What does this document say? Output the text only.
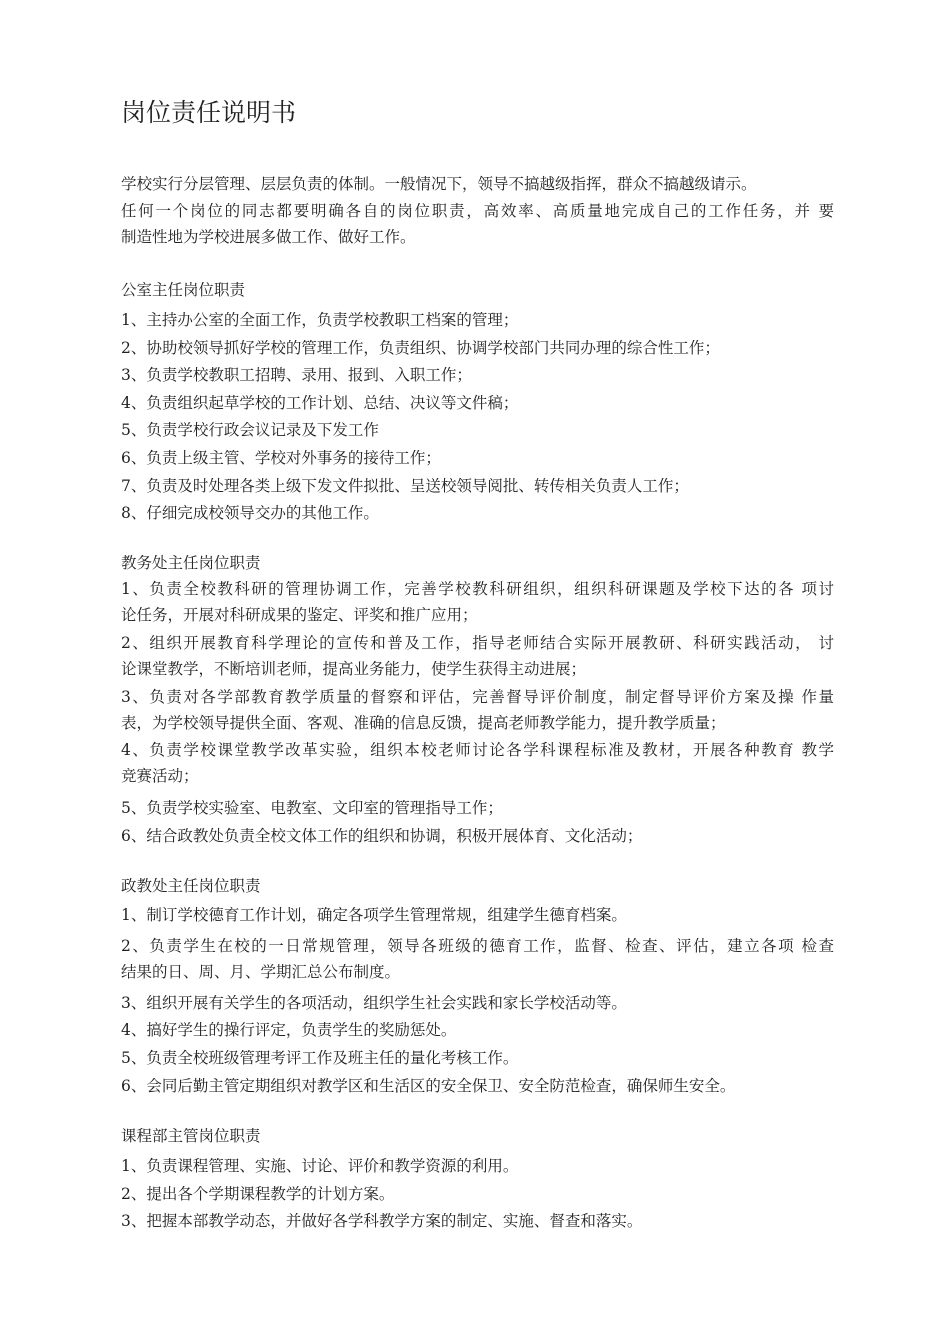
岗位责任说明书
学校实行分层管理、层层负责的体制。一般情况下，领导不搞越级指挥，群众不搞越级请示。
任何一个岗位的同志都要明确各自的岗位职责，高效率、高质量地完成自己的工作任务，并 要
制造性地为学校进展多做工作、做好工作。
公室主任岗位职责
1、主持办公室的全面工作，负责学校教职工档案的管理；
2、协助校领导抓好学校的管理工作，负责组织、协调学校部门共同办理的综合性工作；
3、负责学校教职工招聘、录用、报到、入职工作；
4、负责组织起草学校的工作计划、总结、决议等文件稿；
5、负责学校行政会议记录及下发工作
6、负责上级主管、学校对外事务的接待工作；
7、负责及时处理各类上级下发文件拟批、呈送校领导阅批、转传相关负责人工作；
8、仔细完成校领导交办的其他工作。
教务处主任岗位职责
1、负责全校教科研的管理协调工作，完善学校教科研组织，组织科研课题及学校下达的各 项讨
论任务，开展对科研成果的鉴定、评奖和推广应用；
2、组织开展教育科学理论的宣传和普及工作，指导老师结合实际开展教研、科研实践活动， 讨
论课堂教学，不断培训老师，提高业务能力，使学生获得主动进展；
3、负责对各学部教育教学质量的督察和评估，完善督导评价制度，制定督导评价方案及操 作量
表，为学校领导提供全面、客观、准确的信息反馈，提高老师教学能力，提升教学质量；
4、负责学校课堂教学改革实验，组织本校老师讨论各学科课程标准及教材，开展各种教育 教学
竞赛活动；
5、负责学校实验室、电教室、文印室的管理指导工作；
6、结合政教处负责全校文体工作的组织和协调，积极开展体育、文化活动；
政教处主任岗位职责
1、制订学校德育工作计划，确定各项学生管理常规，组建学生德育档案。
2、负责学生在校的一日常规管理，领导各班级的德育工作，监督、检查、评估，建立各项 检查
结果的日、周、月、学期汇总公布制度。
3、组织开展有关学生的各项活动，组织学生社会实践和家长学校活动等。
4、搞好学生的操行评定，负责学生的奖励惩处。
5、负责全校班级管理考评工作及班主任的量化考核工作。
6、会同后勤主管定期组织对教学区和生活区的安全保卫、安全防范检查，确保师生安全。
课程部主管岗位职责
1、负责课程管理、实施、讨论、评价和教学资源的利用。
2、提出各个学期课程教学的计划方案。
3、把握本部教学动态，并做好各学科教学方案的制定、实施、督查和落实。
